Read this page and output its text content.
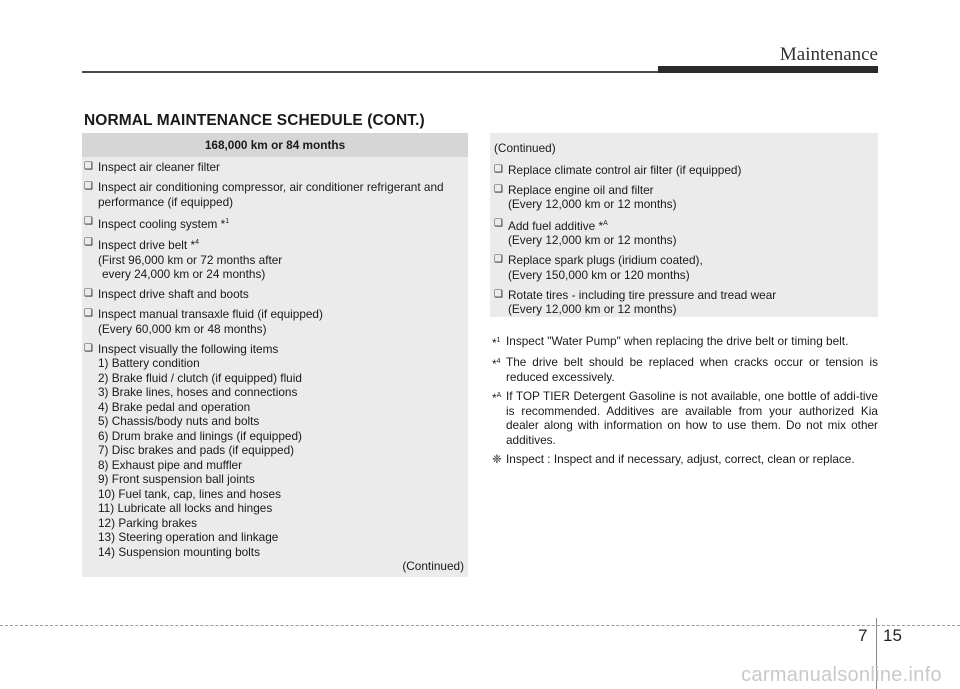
Maintenance
NORMAL MAINTENANCE SCHEDULE (CONT.)
168,000 km or 84 months
❑ Inspect air cleaner filter
❑ Inspect air conditioning compressor, air conditioner refrigerant and
performance (if equipped)
❑ Inspect cooling system *$^1$
❑ Inspect drive belt *$^4$
(First 96,000 km or 72 months after
every 24,000 km or 24 months)
❑ Inspect drive shaft and boots
❑ Inspect manual transaxle fluid (if equipped)
(Every 60,000 km or 48 months)
❑ Inspect visually the following items
1) Battery condition
2) Brake fluid / clutch (if equipped) fluid
3) Brake lines, hoses and connections
4) Brake pedal and operation
5) Chassis/body nuts and bolts
6) Drum brake and linings (if equipped)
7) Disc brakes and pads (if equipped)
8) Exhaust pipe and muffler
9) Front suspension ball joints
10) Fuel tank, cap, lines and hoses
11) Lubricate all locks and hinges
12) Parking brakes
13) Steering operation and linkage
14) Suspension mounting bolts
(Continued)
(Continued)
❑ Replace climate control air filter (if equipped)
❑ Replace engine oil and filter
(Every 12,000 km or 12 months)
❑ Add fuel additive *$^A$
(Every 12,000 km or 12 months)
❑ Replace spark plugs (iridium coated),
(Every 150,000 km or 120 months)
❑ Rotate tires - including tire pressure and tread wear
(Every 12,000 km or 12 months)
*$^1$ Inspect "Water Pump" when replacing the drive belt or timing belt.
*$^4$ The drive belt should be replaced when cracks occur or tension is reduced excessively.
*$^A$ If TOP TIER Detergent Gasoline is not available, one bottle of addi-tive is recommended. Additives are available from your authorized Kia dealer along with information on how to use them. Do not mix other additives.
❈ Inspect : Inspect and if necessary, adjust, correct, clean or replace.
7 15
carmanualsonline.info
